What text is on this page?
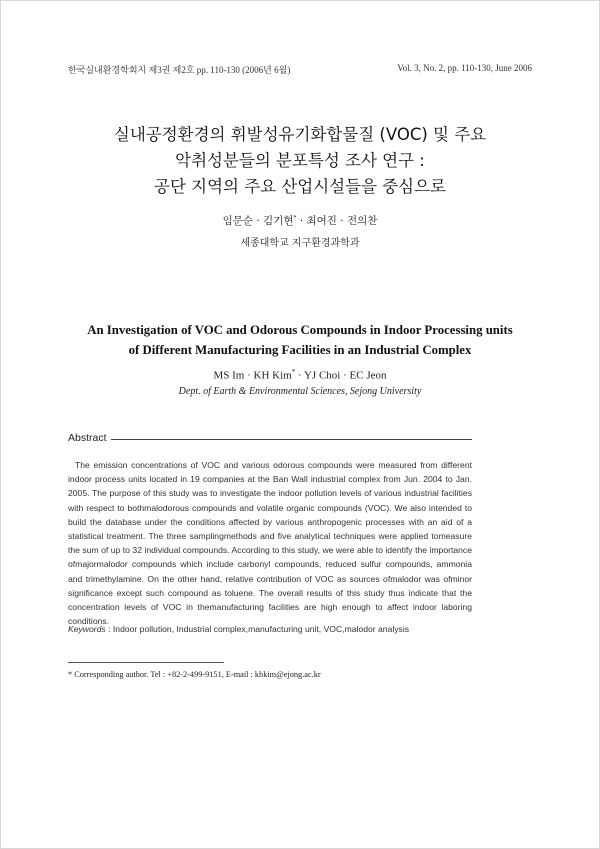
한국실내환경학회지 제3권 제2호 pp. 110-130 (2006년 6월)	Vol. 3, No. 2, pp. 110-130, June 2006
실내공정환경의 휘발성유기화합물질 (VOC) 및 주요
악취성분들의 분포특성 조사 연구 :
공단 지역의 주요 산업시설들을 중심으로
임문순 · 김기현* · 최여진 · 전의찬
세종대학교 지구환경과학과
An Investigation of VOC and Odorous Compounds in Indoor Processing units
of Different Manufacturing Facilities in an Industrial Complex
MS Im · KH Kim* · YJ Choi · EC Jeon
Dept. of Earth & Environmental Sciences, Sejong University
Abstract

The emission concentrations of VOC and various odorous compounds were measured from different indoor process units located in 19 companies at the Ban Wall industrial complex from Jun. 2004 to Jan. 2005. The purpose of this study was to investigate the indoor pollution levels of various industrial facilities with respect to bothmalodorous compounds and volatile organic compounds (VOC). We also intended to build the database under the conditions affected by various anthropogenic processes with an aid of a statistical treatment. The three samplingmethods and five analytical techniques were applied tomeasure the sum of up to 32 individual compounds. According to this study, we were able to identify the importance ofmajormalodor compounds which include carbonyl compounds, reduced sulfur compounds, ammonia and trimethylamine. On the other hand, relative contribution of VOC as sources ofmalodor was ofminor significance except such compound as toluene. The overall results of this study thus indicate that the concentration levels of VOC in themanufacturing facilities are high enough to affect indoor laboring conditions.

Keywords : Indoor pollution, Industrial complex,manufacturing unit, VOC,malodor analysis
* Corresponding author. Tel : +82-2-499-9151, E-mail : khkim@ejong.ac.kr
